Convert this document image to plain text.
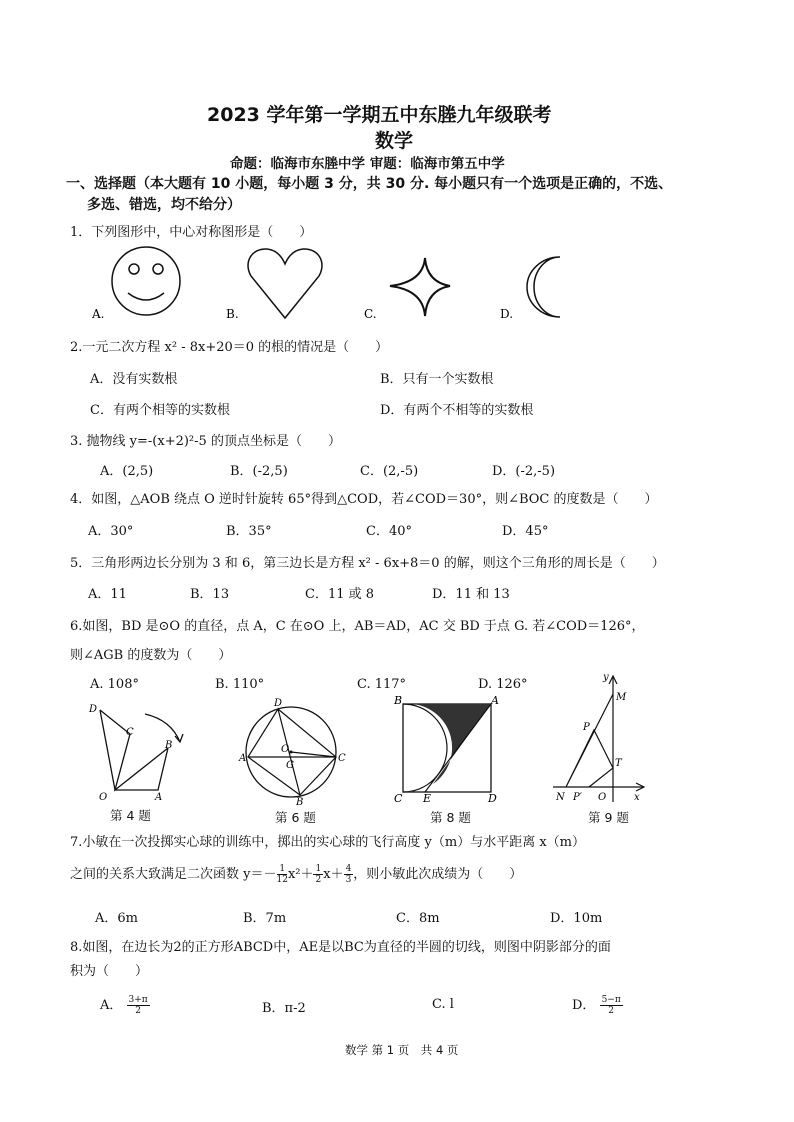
2023 学年第一学期五中东塍九年级联考
数学
命题：临海市东塍中学 审题：临海市第五中学
一、选择题（本大题有 10 小题，每小题 3 分，共 30 分. 每小题只有一个选项是正确的，不选、
多选、错选，均不给分）
1．下列图形中，中心对称图形是（　　）
A.	B.	C.	D.
2.一元二次方程 x² - 8x+20＝0 的根的情况是（　　）
A．没有实数根	B．只有一个实数根
C．有两个相等的实数根	D．有两个不相等的实数根
3. 抛物线 y=-(x+2)²-5 的顶点坐标是（　　）
A．(2,5)	B．(-2,5)	C．(2,-5)	D．(-2,-5)
4．如图，△AOB 绕点 O 逆时针旋转 65°得到△COD，若∠COD＝30°，则∠BOC 的度数是（　　）
A．30°	B．35°	C．40°	D．45°
5．三角形两边长分别为 3 和 6，第三边长是方程 x² - 6x+8＝0 的解，则这个三角形的周长是（　　）
A．11	B．13	C．11 或 8	D．11 和 13
6.如图，BD 是⊙O 的直径，点 A，C 在⊙O 上，AB＝AD，AC 交 BD 于点 G. 若∠COD＝126°，
则∠AGB 的度数为（　　）
A. 108°	B. 110°	C. 117°	D. 126°
D
C
B
O	A
第 4 题
D
O
A	C
G
B
第 6 题
B	A
C E	D
第 8 题
y
M
P
T
N P′ O	x
第 9 题
7.小敏在一次投掷实心球的训练中，掷出的实心球的飞行高度 y（m）与水平距离 x（m）
之间的关系大致满足二次函数 $y=- \frac{1}{12} x^2+ \frac{1}{2} x+ \frac{4}{3}$ ，则小敏此次成绩为（　　）
A．6m	B．7m	C．8m	D．10m
8.如图，在边长为2的正方形ABCD中，AE是以BC为直径的半圆的切线，则图中阴影部分的面
积为（　　）
A． $\frac{3+\pi}{2}$	B．π-2	C. l	D． $\frac{5-\pi}{2}$
数学 第 1 页　共 4 页
